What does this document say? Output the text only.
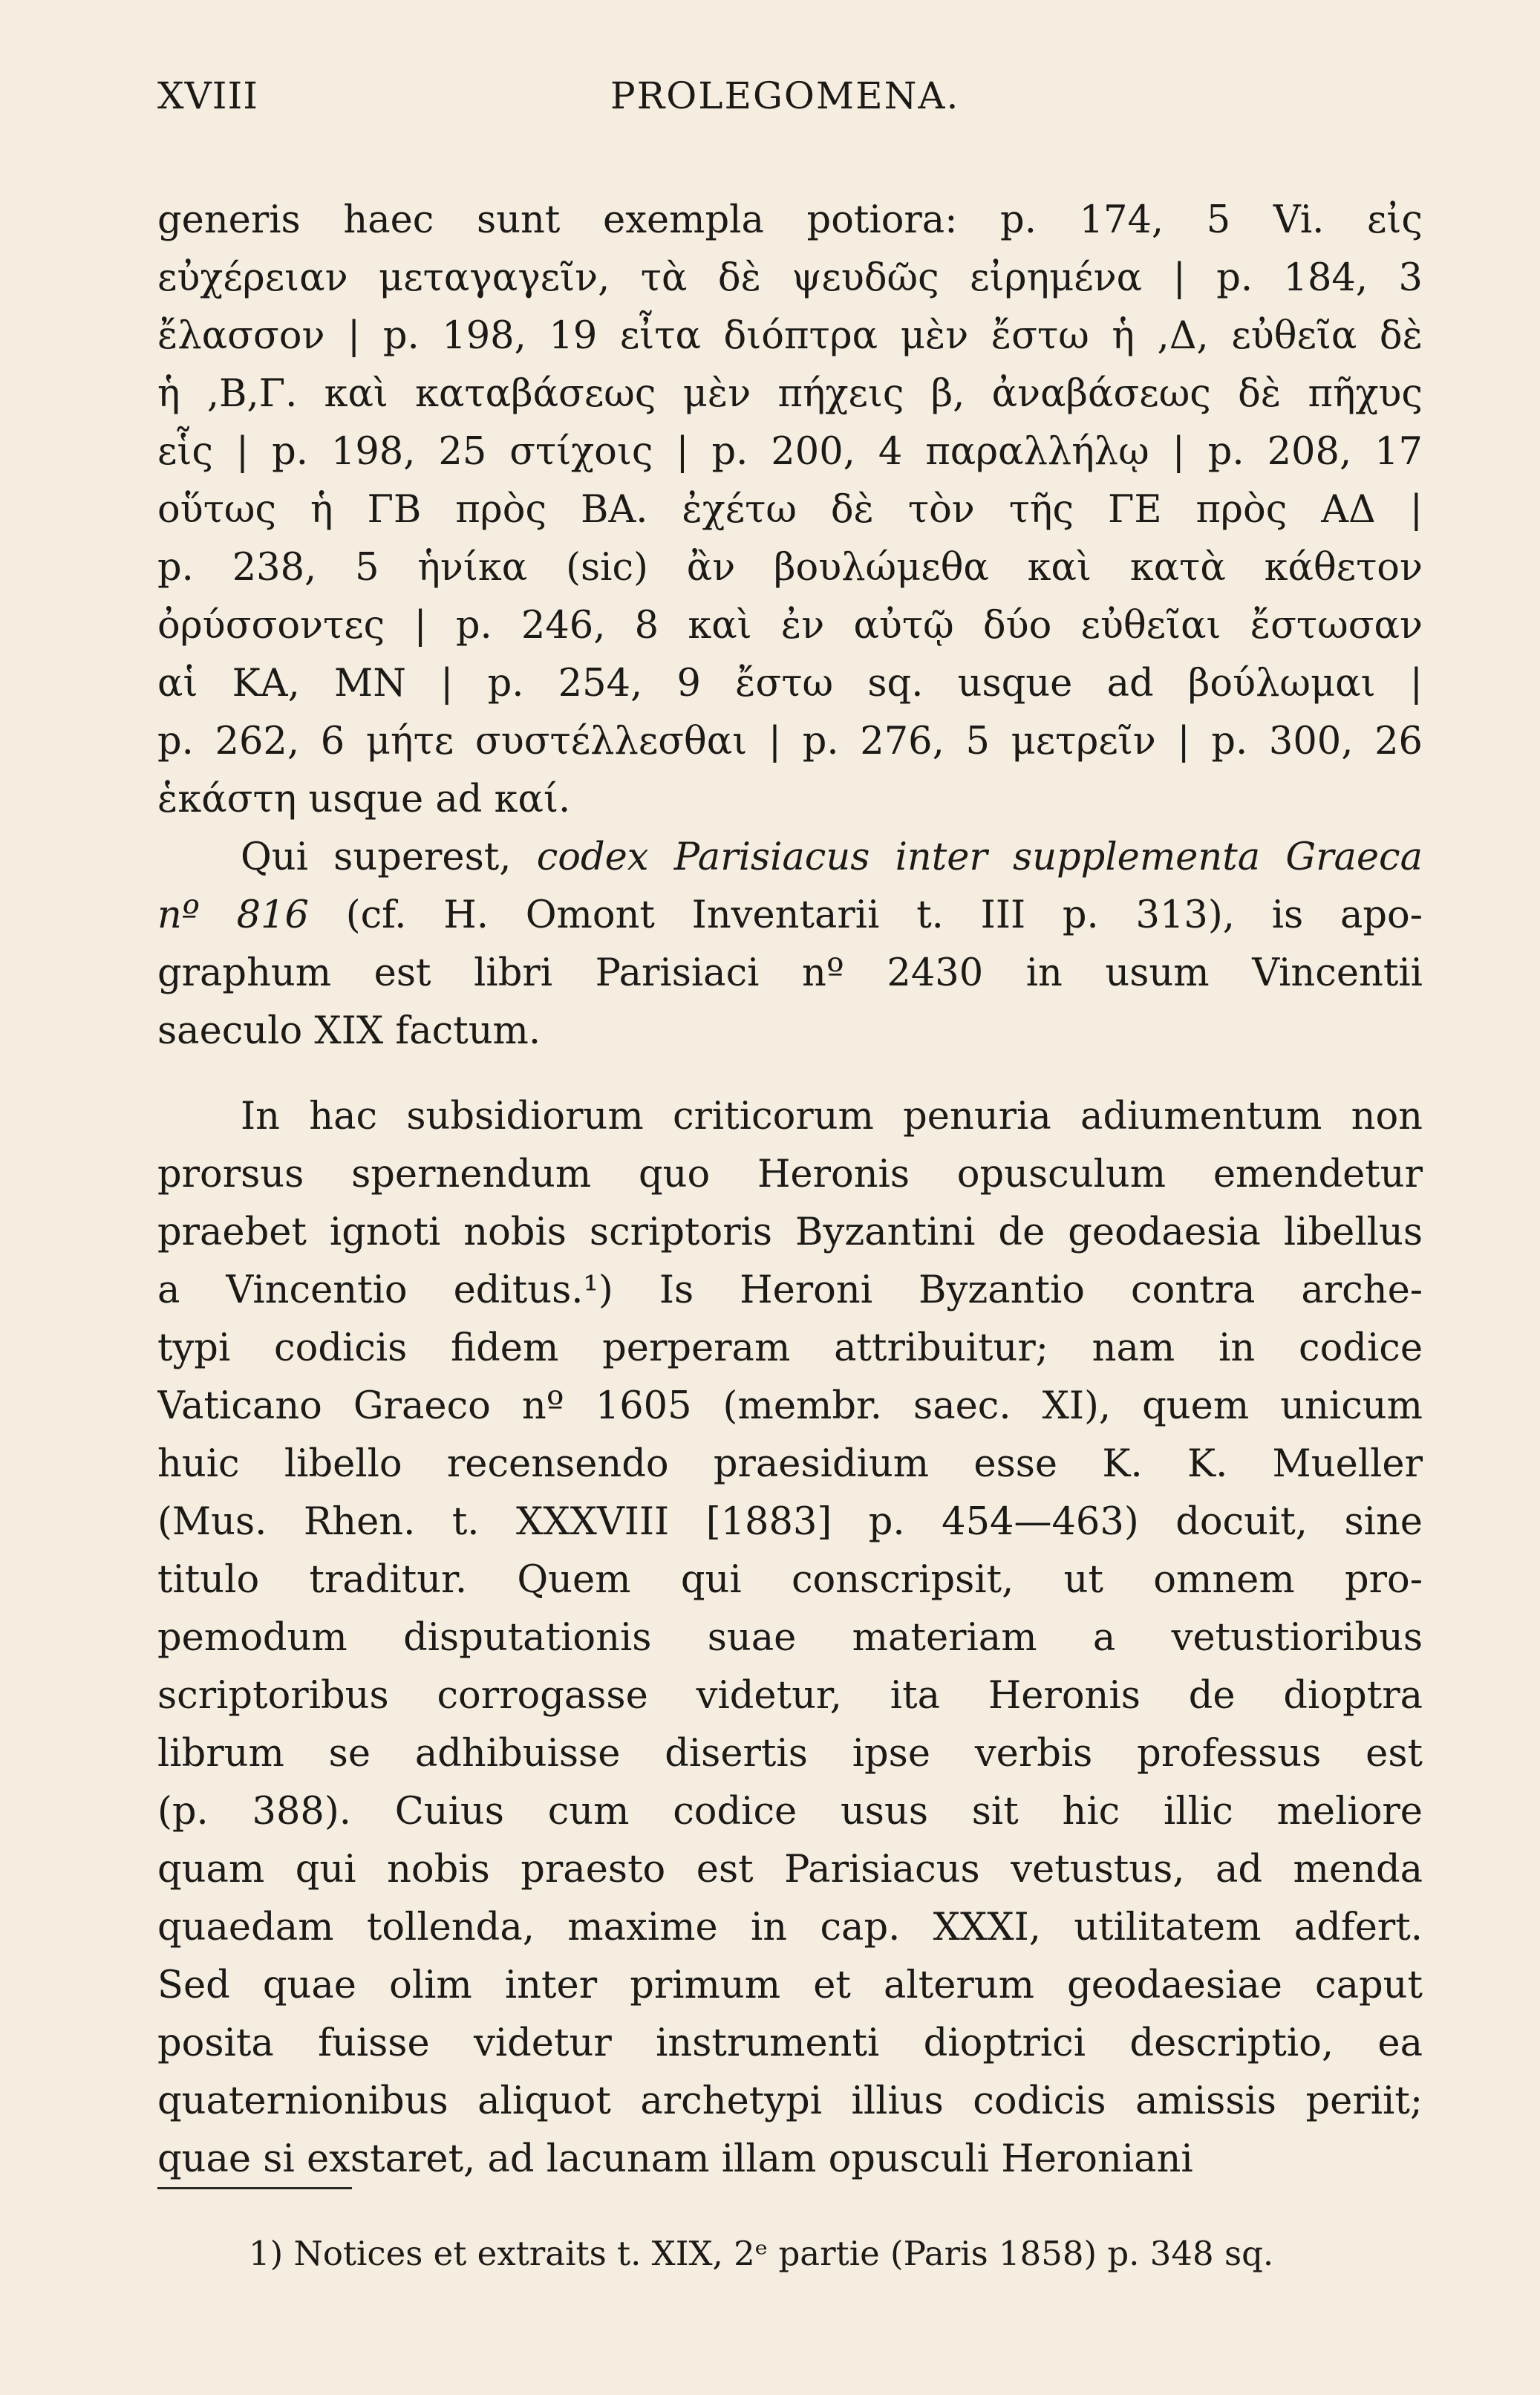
XVIII	PROLEGOMENA.
generis haec sunt exempla potiora: p. 174, 5 Vi. εἰς
εὐχέρειαν μεταγαγεῖν, τὰ δὲ ψευδῶς εἰρημένα | p. 184, 3
ἔλασσον | p. 198, 19 εἶτα διόπτρα μὲν ἔστω ἡ ,Δ, εὐθεῖα δὲ
ἡ ,Β,Γ. καὶ καταβάσεως μὲν πήχεις β, ἀναβάσεως δὲ πῆχυς
εἷς | p. 198, 25 στίχοις | p. 200, 4 παραλλήλῳ | p. 208, 17
οὕτως ἡ ΓΒ πρὸς ΒΑ. ἐχέτω δὲ τὸν τῆς ΓΕ πρὸς ΑΔ |
p. 238, 5 ἡνίκα (sic) ἂν βουλώμεθα καὶ κατὰ κάθετον
ὀρύσσοντες | p. 246, 8 καὶ ἐν αὐτῷ δύο εὐθεῖαι ἔστωσαν
αἱ ΚΑ, ΜΝ | p. 254, 9 ἔστω sq. usque ad βούλωμαι |
p. 262, 6 μήτε συστέλλεσθαι | p. 276, 5 μετρεῖν | p. 300, 26
ἑκάστη usque ad καί.
Qui superest, codex Parisiacus inter supplementa Graeca
nº 816 (cf. H. Omont Inventarii t. III p. 313), is apo-
graphum est libri Parisiaci nº 2430 in usum Vincentii
saeculo XIX factum.
In hac subsidiorum criticorum penuria adiumentum non
prorsus spernendum quo Heronis opusculum emendetur
praebet ignoti nobis scriptoris Byzantini de geodaesia libellus
a Vincentio editus.¹) Is Heroni Byzantio contra arche-
typi codicis fidem perperam attribuitur; nam in codice
Vaticano Graeco nº 1605 (membr. saec. XI), quem unicum
huic libello recensendo praesidium esse K. K. Mueller
(Mus. Rhen. t. XXXVIII [1883] p. 454—463) docuit, sine
titulo traditur. Quem qui conscripsit, ut omnem pro-
pemodum disputationis suae materiam a vetustioribus
scriptoribus corrogasse videtur, ita Heronis de dioptra
librum se adhibuisse disertis ipse verbis professus est
(p. 388). Cuius cum codice usus sit hic illic meliore
quam qui nobis praesto est Parisiacus vetustus, ad menda
quaedam tollenda, maxime in cap. XXXI, utilitatem adfert.
Sed quae olim inter primum et alterum geodaesiae caput
posita fuisse videtur instrumenti dioptrici descriptio, ea
quaternionibus aliquot archetypi illius codicis amissis periit;
quae si exstaret, ad lacunam illam opusculi Heroniani
1) Notices et extraits t. XIX, 2ᵉ partie (Paris 1858) p. 348 sq.
